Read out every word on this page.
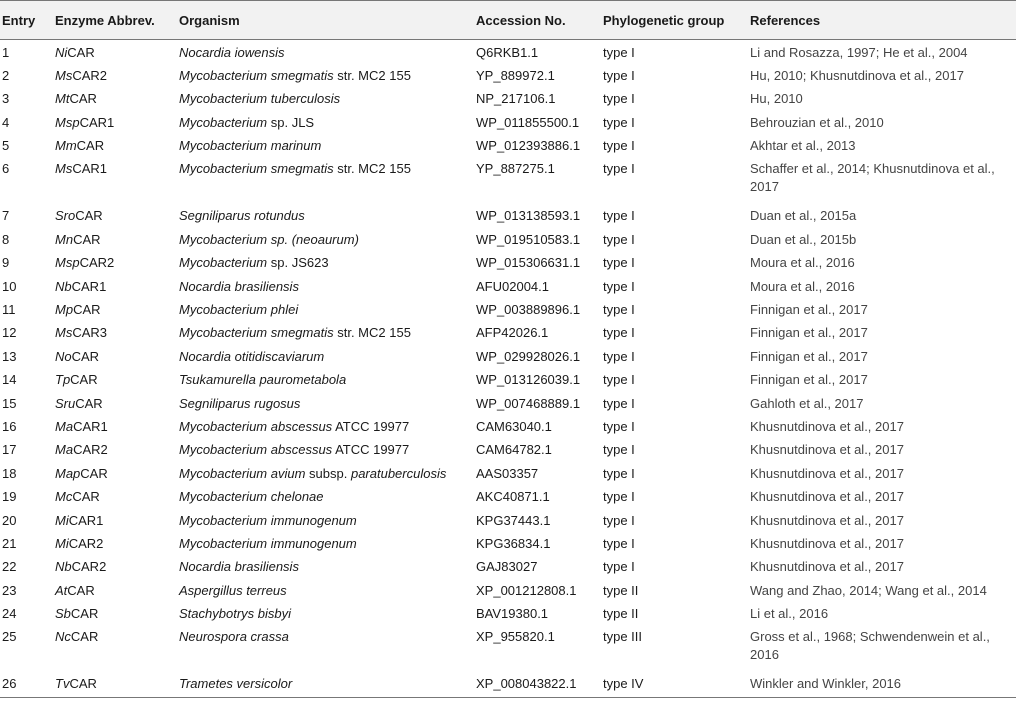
Entry	Enzyme Abbrev.	Organism	Accession No.	Phylogenetic group	References
1	NiCAR	Nocardia iowensis	Q6RKB1.1	type I	Li and Rosazza, 1997; He et al., 2004
2	MsCAR2	Mycobacterium smegmatis str. MC2 155	YP_889972.1	type I	Hu, 2010; Khusnutdinova et al., 2017
3	MtCAR	Mycobacterium tuberculosis	NP_217106.1	type I	Hu, 2010
4	MspCAR1	Mycobacterium sp. JLS	WP_011855500.1	type I	Behrouzian et al., 2010
5	MmCAR	Mycobacterium marinum	WP_012393886.1	type I	Akhtar et al., 2013
6	MsCAR1	Mycobacterium smegmatis str. MC2 155	YP_887275.1	type I	Schaffer et al., 2014; Khusnutdinova et al., 2017
7	SroCAR	Segniliparus rotundus	WP_013138593.1	type I	Duan et al., 2015a
8	MnCAR	Mycobacterium sp. (neoaurum)	WP_019510583.1	type I	Duan et al., 2015b
9	MspCAR2	Mycobacterium sp. JS623	WP_015306631.1	type I	Moura et al., 2016
10	NbCAR1	Nocardia brasiliensis	AFU02004.1	type I	Moura et al., 2016
11	MpCAR	Mycobacterium phlei	WP_003889896.1	type I	Finnigan et al., 2017
12	MsCAR3	Mycobacterium smegmatis str. MC2 155	AFP42026.1	type I	Finnigan et al., 2017
13	NoCAR	Nocardia otitidiscaviarum	WP_029928026.1	type I	Finnigan et al., 2017
14	TpCAR	Tsukamurella paurometabola	WP_013126039.1	type I	Finnigan et al., 2017
15	SruCAR	Segniliparus rugosus	WP_007468889.1	type I	Gahloth et al., 2017
16	MaCAR1	Mycobacterium abscessus ATCC 19977	CAM63040.1	type I	Khusnutdinova et al., 2017
17	MaCAR2	Mycobacterium abscessus ATCC 19977	CAM64782.1	type I	Khusnutdinova et al., 2017
18	MapCAR	Mycobacterium avium subsp. paratuberculosis	AAS03357	type I	Khusnutdinova et al., 2017
19	McCAR	Mycobacterium chelonae	AKC40871.1	type I	Khusnutdinova et al., 2017
20	MiCAR1	Mycobacterium immunogenum	KPG37443.1	type I	Khusnutdinova et al., 2017
21	MiCAR2	Mycobacterium immunogenum	KPG36834.1	type I	Khusnutdinova et al., 2017
22	NbCAR2	Nocardia brasiliensis	GAJ83027	type I	Khusnutdinova et al., 2017
23	AtCAR	Aspergillus terreus	XP_001212808.1	type II	Wang and Zhao, 2014; Wang et al., 2014
24	SbCAR	Stachybotrys bisbyi	BAV19380.1	type II	Li et al., 2016
25	NcCAR	Neurospora crassa	XP_955820.1	type III	Gross et al., 1968; Schwendenwein et al., 2016
26	TvCAR	Trametes versicolor	XP_008043822.1	type IV	Winkler and Winkler, 2016
